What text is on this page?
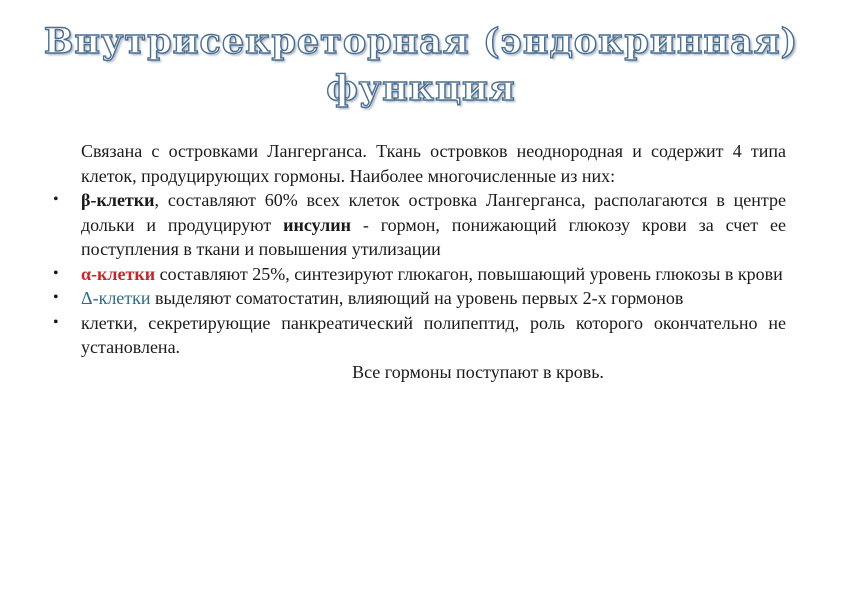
Внутрисекреторная (эндокринная)
функция

Связана с островками Лангерганса. Ткань островков неоднородная и содержит 4 типа клеток, продуцирующих гормоны. Наиболее многочисленные из них:

• β-клетки, составляют 60% всех клеток островка Лангерганса, располагаются в центре дольки и продуцируют инсулин - гормон, понижающий глюкозу крови за счет ее поступления в ткани и повышения утилизации

• α-клетки составляют 25%, синтезируют глюкагон, повышающий уровень глюкозы в крови

• Δ-клетки выделяют соматостатин, влияющий на уровень первых 2-х гормонов

• клетки, секретирующие панкреатический полипептид, роль которого окончательно не установлена.

Все гормоны поступают в кровь.
